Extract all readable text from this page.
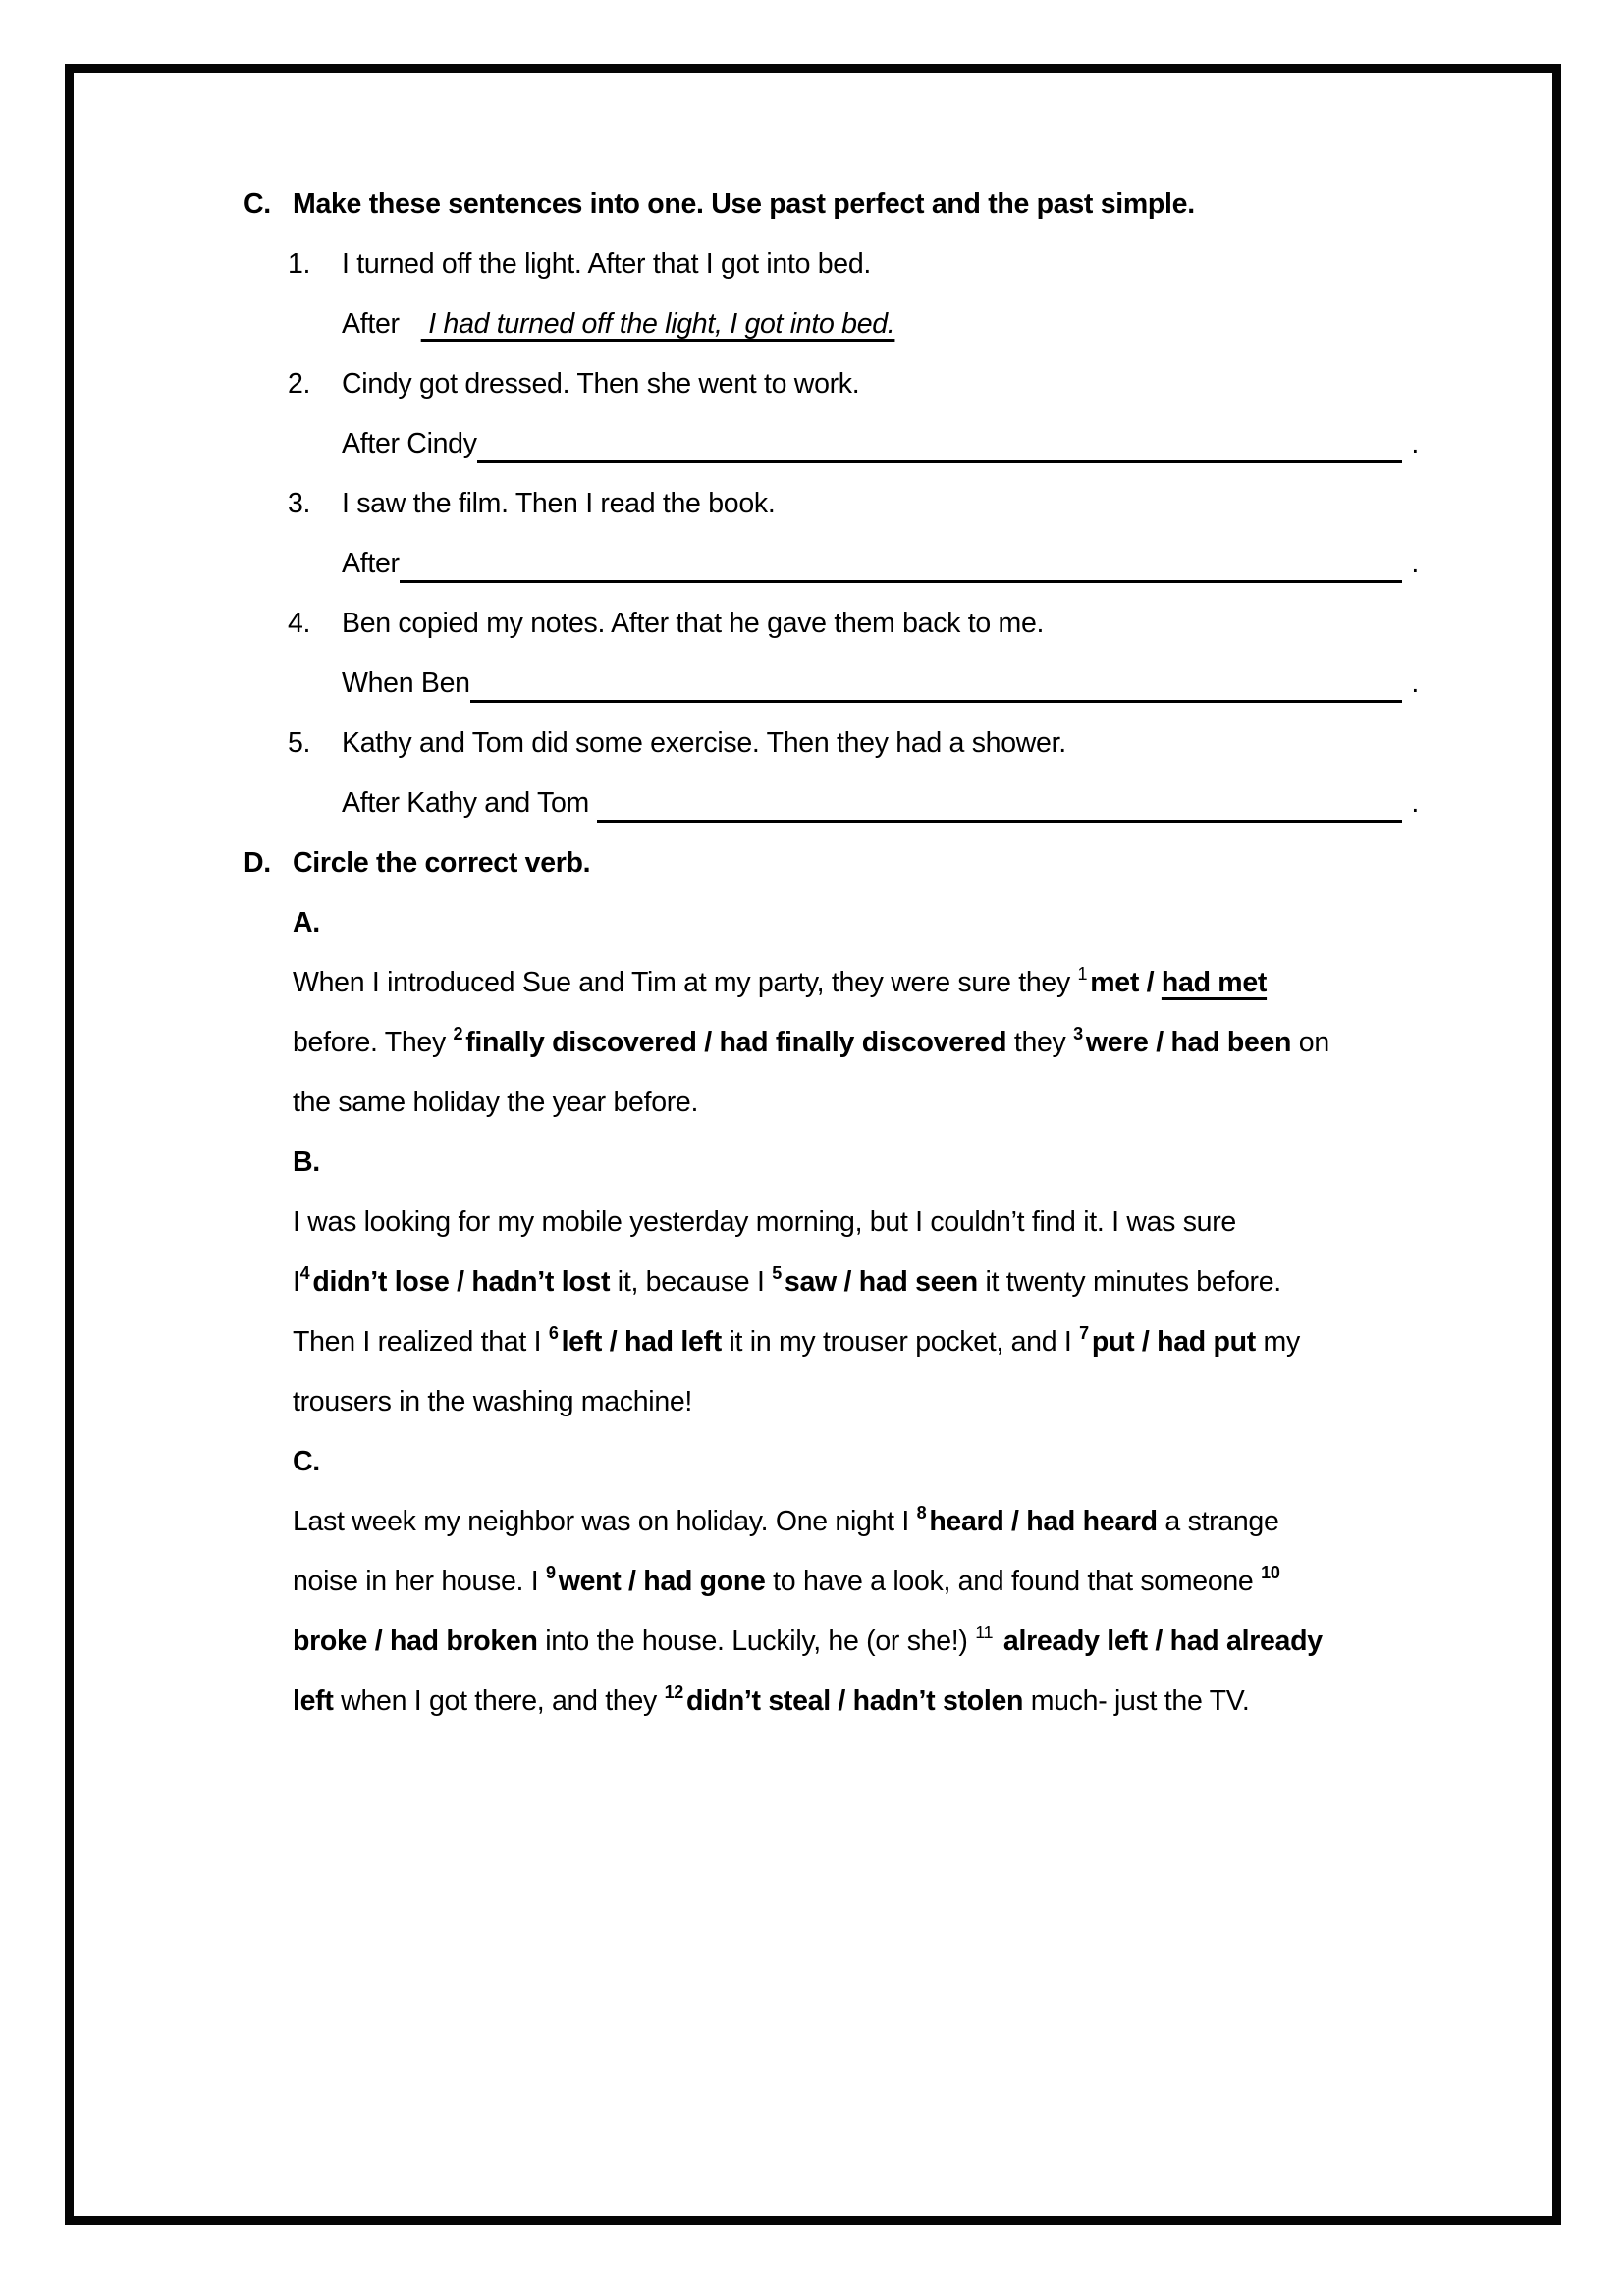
C. Make these sentences into one. Use past perfect and the past simple.
1. I turned off the light. After that I got into bed.
After I had turned off the light, I got into bed.
2. Cindy got dressed. Then she went to work.
After Cindy	.
3. I saw the film. Then I read the book.
After	.
4. Ben copied my notes. After that he gave them back to me.
When Ben	.
5. Kathy and Tom did some exercise. Then they had a shower.
After Kathy and Tom	.
D. Circle the correct verb.
A.
When I introduced Sue and Tim at my party, they were sure they $^1$ met / had met
before. They $^2$ finally discovered / had finally discovered they $^3$ were / had been on
the same holiday the year before.
B.
I was looking for my mobile yesterday morning, but I couldn’t find it. I was sure
$I^4$ didn’t lose / hadn’t lost it, because I $^5$ saw / had seen it twenty minutes before.
Then I realized that I $^6$ left / had left it in my trouser pocket, and I $^7$ put / had put my
trousers in the washing machine!
C.
Last week my neighbor was on holiday. One night I $^8$ heard / had heard a strange
noise in her house. I $^9$ went / had gone to have a look, and found that someone $^{10}$
broke / had broken into the house. Luckily, he (or she!) $^{11}$ already left / had already
left when I got there, and they $^{12}$ didn’t steal / hadn’t stolen much- just the TV.
